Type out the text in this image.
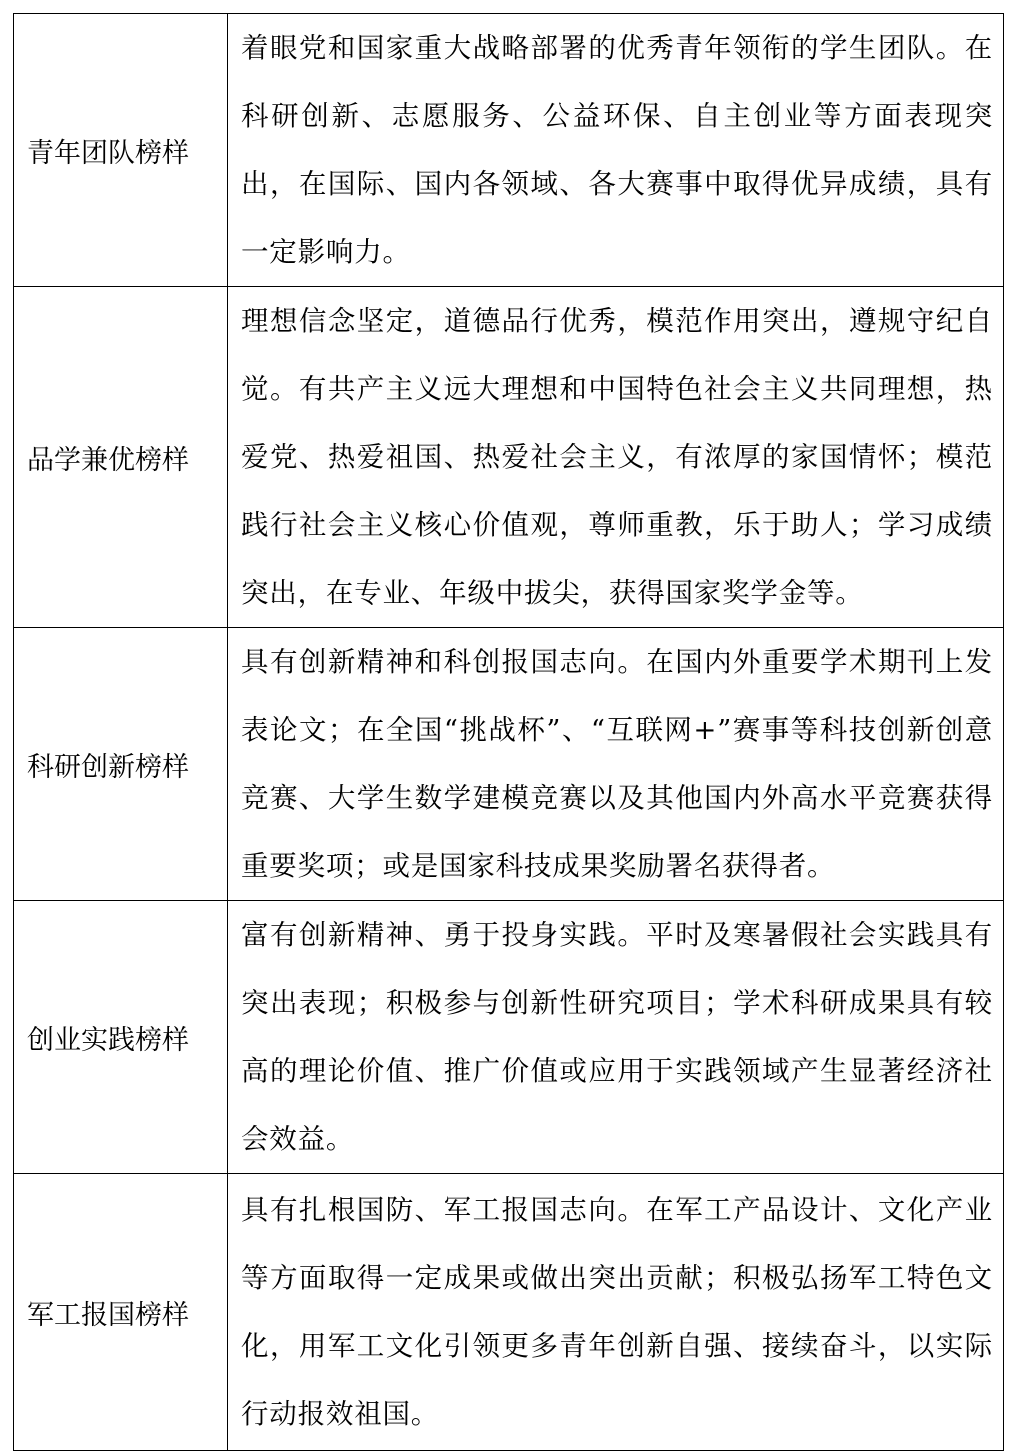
青年团队榜样	着眼党和国家重大战略部署的优秀青年领衔的学生团队。在科研创新、志愿服务、公益环保、自主创业等方面表现突出，在国际、国内各领域、各大赛事中取得优异成绩，具有一定影响力。
品学兼优榜样	理想信念坚定，道德品行优秀，模范作用突出，遵规守纪自觉。有共产主义远大理想和中国特色社会主义共同理想，热爱党、热爱祖国、热爱社会主义，有浓厚的家国情怀；模范践行社会主义核心价值观，尊师重教，乐于助人；学习成绩突出，在专业、年级中拔尖，获得国家奖学金等。
科研创新榜样	具有创新精神和科创报国志向。在国内外重要学术期刊上发表论文；在全国“挑战杯”、“互联网+”赛事等科技创新创意竞赛、大学生数学建模竞赛以及其他国内外高水平竞赛获得重要奖项；或是国家科技成果奖励署名获得者。
创业实践榜样	富有创新精神、勇于投身实践。平时及寒暑假社会实践具有突出表现；积极参与创新性研究项目；学术科研成果具有较高的理论价值、推广价值或应用于实践领域产生显著经济社会效益。
军工报国榜样	具有扎根国防、军工报国志向。在军工产品设计、文化产业等方面取得一定成果或做出突出贡献；积极弘扬军工特色文化，用军工文化引领更多青年创新自强、接续奋斗，以实际行动报效祖国。
